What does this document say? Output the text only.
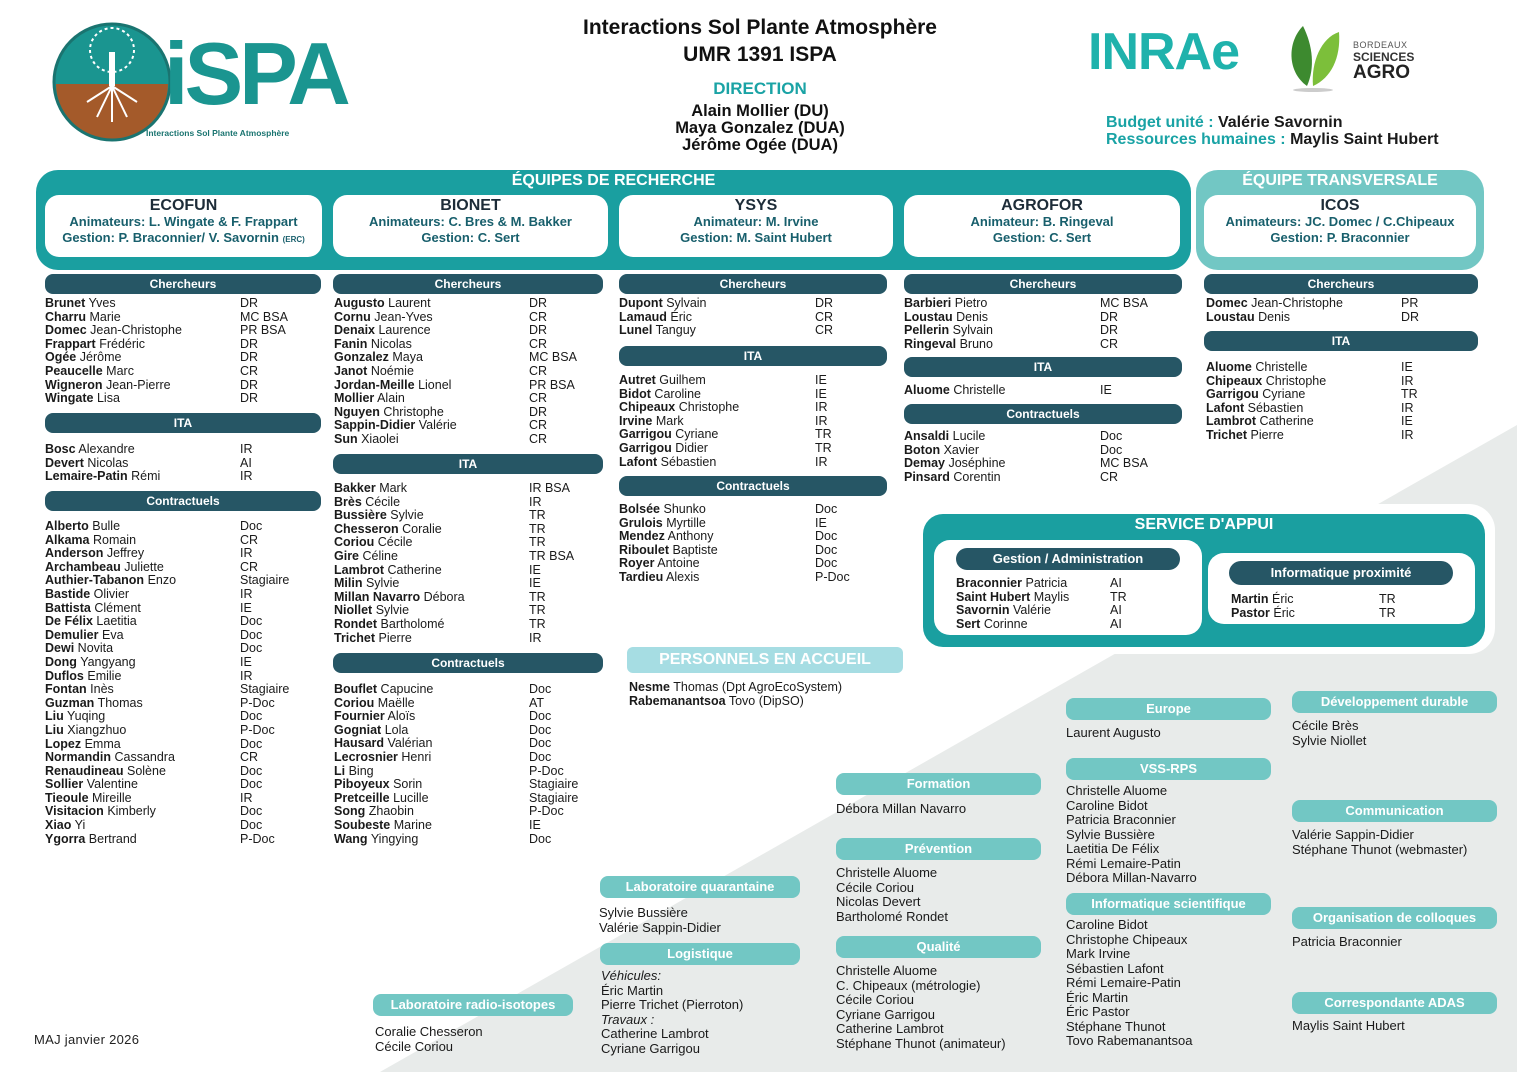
iSPA
Interactions Sol Plante Atmosphère
Interactions Sol Plante Atmosphère
UMR 1391 ISPA
DIRECTION
Alain Mollier (DU)
Maya Gonzalez (DUA)
Jérôme Ogée (DUA)
INRAe	BORDEAUX
SCIENCES
AGRO
Budget unité : Valérie Savornin
Ressources humaines : Maylis Saint Hubert
ÉQUIPES DE RECHERCHE	ÉQUIPE TRANSVERSALE
ECOFUN
Animateurs: L. Wingate & F. Frappart
Gestion: P. Braconnier/ V. Savornin (ERC)
BIONET
Animateurs: C. Bres & M. Bakker
Gestion: C. Sert
YSYS
Animateur: M. Irvine
Gestion: M. Saint Hubert
AGROFOR
Animateur: B. Ringeval
Gestion: C. Sert
ICOS
Animateurs: JC. Domec / C.Chipeaux
Gestion: P. Braconnier
Chercheurs
Brunet Yves	DR
Charru Marie	MC BSA
Domec Jean-Christophe	PR BSA
Frappart Frédéric	DR
Ogée Jérôme	DR
Peaucelle Marc	CR
Wigneron Jean-Pierre	DR
Wingate Lisa	DR
ITA
Bosc Alexandre	IR
Devert Nicolas	AI
Lemaire-Patin Rémi	IR
Contractuels
Alberto Bulle	Doc
Alkama Romain	CR
Anderson Jeffrey	IR
Archambeau Juliette	CR
Authier-Tabanon Enzo	Stagiaire
Bastide Olivier	IR
Battista Clément	IE
De Félix Laetitia	Doc
Demulier Eva	Doc
Dewi Novita	Doc
Dong Yangyang	IE
Duflos Emilie	IR
Fontan Inès	Stagiaire
Guzman Thomas	P-Doc
Liu Yuqing	Doc
Liu Xiangzhuo	P-Doc
Lopez Emma	Doc
Normandin Cassandra	CR
Renaudineau Solène	Doc
Sollier Valentine	Doc
Tieoule Mireille	IR
Visitacion Kimberly	Doc
Xiao Yi	Doc
Ygorra Bertrand	P-Doc
Chercheurs
Augusto Laurent	DR
Cornu Jean-Yves	CR
Denaix Laurence	DR
Fanin Nicolas	CR
Gonzalez Maya	MC BSA
Janot Noémie	CR
Jordan-Meille Lionel	PR BSA
Mollier Alain	CR
Nguyen Christophe	DR
Sappin-Didier Valérie	CR
Sun Xiaolei	CR
ITA
Bakker Mark	IR BSA
Brès Cécile	IR
Bussière Sylvie	TR
Chesseron Coralie	TR
Coriou Cécile	TR
Gire Céline	TR BSA
Lambrot Catherine	IE
Milin Sylvie	IE
Millan Navarro Débora	TR
Niollet Sylvie	TR
Rondet Bartholomé	TR
Trichet Pierre	IR
Contractuels
Bouflet Capucine	Doc
Coriou Maëlle	AT
Fournier Aloïs	Doc
Gogniat Lola	Doc
Hausard Valérian	Doc
Lecrosnier Henri	Doc
Li Bing	P-Doc
Piboyeux Sorin	Stagiaire
Pretceille Lucille	Stagiaire
Song Zhaobin	P-Doc
Soubeste Marine	IE
Wang Yingying	Doc
Chercheurs
Dupont Sylvain	DR
Lamaud Éric	CR
Lunel Tanguy	CR
ITA
Autret Guilhem	IE
Bidot Caroline	IE
Chipeaux Christophe	IR
Irvine Mark	IR
Garrigou Cyriane	TR
Garrigou Didier	TR
Lafont Sébastien	IR
Contractuels
Bolsée Shunko	Doc
Grulois Myrtille	IE
Mendez Anthony	Doc
Riboulet Baptiste	Doc
Royer Antoine	Doc
Tardieu Alexis	P-Doc
Chercheurs
Barbieri Pietro	MC BSA
Loustau Denis	DR
Pellerin Sylvain	DR
Ringeval Bruno	CR
ITA
Aluome Christelle	IE
Contractuels
Ansaldi Lucile	Doc
Boton Xavier	Doc
Demay Joséphine	MC BSA
Pinsard Corentin	CR
Chercheurs
Domec Jean-Christophe	PR
Loustau Denis	DR
ITA
Aluome Christelle	IE
Chipeaux Christophe	IR
Garrigou Cyriane	TR
Lafont Sébastien	IR
Lambrot Catherine	IE
Trichet Pierre	IR
SERVICE D'APPUI
Gestion / Administration
Informatique proximité
Braconnier Patricia	AI
Saint Hubert Maylis	TR
Savornin Valérie	AI
Sert Corinne	AI
Martin Éric	TR
Pastor Éric	TR
PERSONNELS EN ACCUEIL
Nesme Thomas (Dpt AgroEcoSystem)
Rabemanantsoa Tovo (DipSO)
Laboratoire quarantaine
Sylvie Bussière
Valérie Sappin-Didier
Logistique
Véhicules:
Éric Martin
Pierre Trichet (Pierroton)
Travaux :
Catherine Lambrot
Cyriane Garrigou
Laboratoire radio-isotopes
Coralie Chesseron
Cécile Coriou
Formation
Débora Millan Navarro
Prévention
Christelle Aluome
Cécile Coriou
Nicolas Devert
Bartholomé Rondet
Qualité
Christelle Aluome
C. Chipeaux (métrologie)
Cécile Coriou
Cyriane Garrigou
Catherine Lambrot
Stéphane Thunot (animateur)
Europe
Laurent Augusto
VSS-RPS
Christelle Aluome
Caroline Bidot
Patricia Braconnier
Sylvie Bussière
Laetitia De Félix
Rémi Lemaire-Patin
Débora Millan-Navarro
Informatique scientifique
Caroline Bidot
Christophe Chipeaux
Mark Irvine
Sébastien Lafont
Rémi Lemaire-Patin
Éric Martin
Éric Pastor
Stéphane Thunot
Tovo Rabemanantsoa
Développement durable
Cécile Brès
Sylvie Niollet
Communication
Valérie Sappin-Didier
Stéphane Thunot (webmaster)
Organisation de colloques
Patricia Braconnier
Correspondante ADAS
Maylis Saint Hubert
MAJ janvier 2026
